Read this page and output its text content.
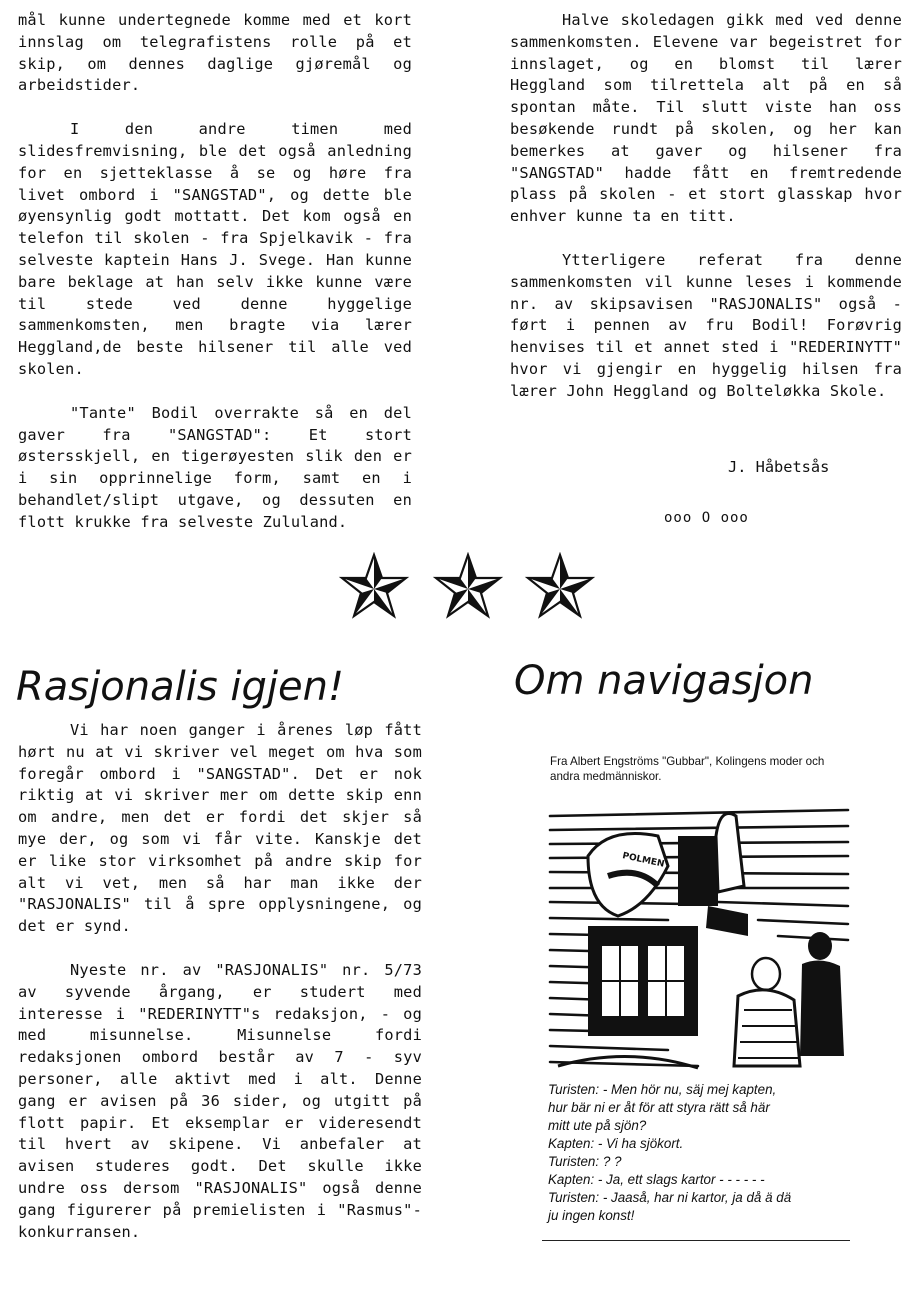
mål kunne undertegnede komme med et kort innslag om telegrafistens rolle på et skip, om dennes daglige gjøremål og arbeidstider.

I den andre timen med slidesfremvisning, ble det også anledning for en sjetteklasse å se og høre fra livet ombord i "SANGSTAD", og dette ble øyensynlig godt mottatt. Det kom også en telefon til skolen - fra Spjelkavik - fra selveste kaptein Hans J. Svege. Han kunne bare beklage at han selv ikke kunne være til stede ved denne hyggelige sammenkomsten, men bragte via lærer Heggland,de beste hilsener til alle ved skolen.

"Tante" Bodil overrakte så en del gaver fra "SANGSTAD": Et stort østersskjell, en tigerøyesten slik den er i sin opprinnelige form, samt en i behandlet/slipt utgave, og dessuten en flott krukke fra selveste Zululand.

Halve skoledagen gikk med ved denne sammenkomsten. Elevene var begeistret for innslaget, og en blomst til lærer Heggland som tilrettela alt på en så spontan måte. Til slutt viste han oss besøkende rundt på skolen, og her kan bemerkes at gaver og hilsener fra "SANGSTAD" hadde fått en fremtredende plass på skolen - et stort glasskap hvor enhver kunne ta en titt.

Ytterligere referat fra denne sammenkomsten vil kunne leses i kommende nr. av skipsavisen "RASJONALIS" også - ført i pennen av fru Bodil! Forøvrig henvises til et annet sted i "REDERINYTT" hvor vi gjengir en hyggelig hilsen fra lærer John Heggland og Bolteløkka Skole.

J. Håbetsås
ooo O ooo
Rasjonalis igjen!	Om navigasjon

Vi har noen ganger i årenes løp fått hørt nu at vi skriver vel meget om hva som foregår ombord i "SANGSTAD". Det er nok riktig at vi skriver mer om dette skip enn om andre, men det er fordi det skjer så mye der, og som vi får vite. Kanskje det er like stor virksomhet på andre skip for alt vi vet, men så har man ikke der "RASJONALIS" til å spre opplysningene, og det er synd.

Nyeste nr. av "RASJONALIS" nr. 5/73 av syvende årgang, er studert med interesse i "REDERINYTT"s redaksjon, - og med misunnelse. Misunnelse fordi redaksjonen ombord består av 7 - syv personer, alle aktivt med i alt. Denne gang er avisen på 36 sider, og utgitt på flott papir. Et eksemplar er videresendt til hvert av skipene. Vi anbefaler at avisen studeres godt. Det skulle ikke undre oss dersom "RASJONALIS" også denne gang figurerer på premielisten i "Rasmus"-konkurransen.

Fra Albert Engströms "Gubbar", Kolingens moder och andra medmänniskor.
POLMEN
Turisten: - Men hör nu, säj mej kapten,
hur bär ni er åt för att styra rätt så här
mitt ute på sjön?
Kapten: - Vi ha sjökort.
Turisten: ? ?
Kapten: - Ja, ett slags kartor - - - - - -
Turisten: - Jaaså, har ni kartor, ja då ä dä
ju ingen konst!
